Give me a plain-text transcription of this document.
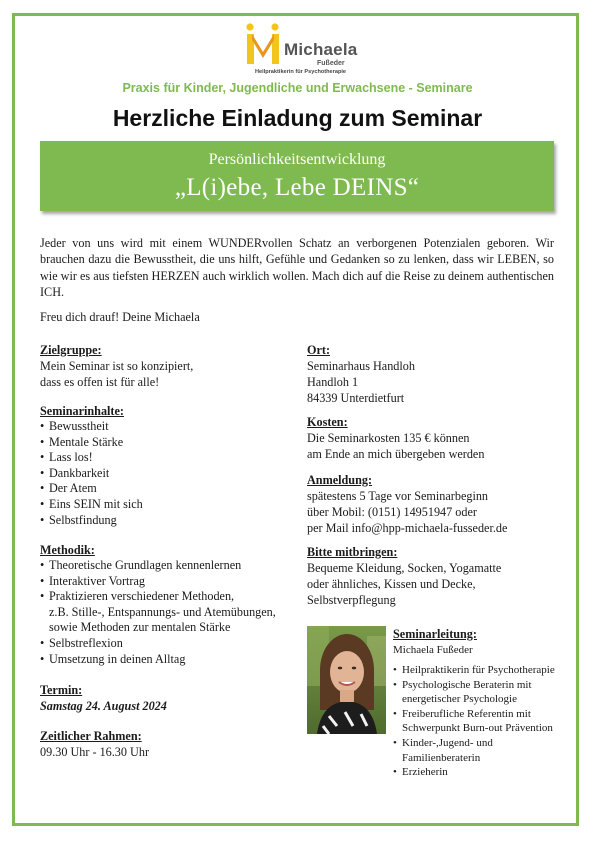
Michaela
Fußeder
Heilpraktikerin für Psychotherapie
Praxis für Kinder, Jugendliche und Erwachsene - Seminare
Herzliche Einladung zum Seminar
Persönlichkeitsentwicklung
„L(i)ebe, Lebe DEINS“
Jeder von uns wird mit einem WUNDERvollen Schatz an verborgenen Potenzialen geboren. Wir brauchen dazu die Bewusstheit, die uns hilft, Gefühle und Gedanken so zu lenken, dass wir LEBEN, so wie wir es aus tiefsten HERZEN auch wirklich wollen. Mach dich auf die Reise zu deinem authentischen ICH.
Freu dich drauf! Deine Michaela
Zielgruppe:
Mein Seminar ist so konzipiert,
dass es offen ist für alle!
Seminarinhalte:
• Bewusstheit
• Mentale Stärke
• Lass los!
• Dankbarkeit
• Der Atem
• Eins SEIN mit sich
• Selbstfindung
Methodik:
• Theoretische Grundlagen kennenlernen
• Interaktiver Vortrag
• Praktizieren verschiedener Methoden,
z.B. Stille-, Entspannungs- und Atemübungen,
sowie Methoden zur mentalen Stärke
• Selbstreflexion
• Umsetzung in deinen Alltag
Termin:
Samstag 24. August 2024
Zeitlicher Rahmen:
09.30 Uhr - 16.30 Uhr
Ort:
Seminarhaus Handloh
Handloh 1
84339 Unterdietfurt
Kosten:
Die Seminarkosten 135 € können
am Ende an mich übergeben werden
Anmeldung:
spätestens 5 Tage vor Seminarbeginn
über Mobil: (0151) 14951947 oder
per Mail info@hpp-michaela-fusseder.de
Bitte mitbringen:
Bequeme Kleidung, Socken, Yogamatte
oder ähnliches, Kissen und Decke,
Selbstverpflegung
Seminarleitung:
Michaela Fußeder
• Heilpraktikerin für Psychotherapie
• Psychologische Beraterin mit
energetischer Psychologie
• Freiberufliche Referentin mit
Schwerpunkt Burn-out Prävention
• Kinder-,Jugend- und
Familienberaterin
• Erzieherin
